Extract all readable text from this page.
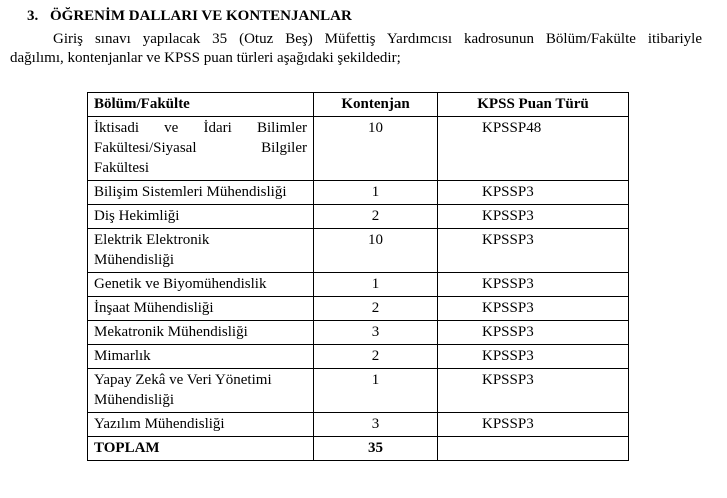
3. ÖĞRENİM DALLARI VE KONTENJANLAR
Giriş sınavı yapılacak 35 (Otuz Beş) Müfettiş Yardımcısı kadrosunun Bölüm/Fakülte itibariyle
dağılımı, kontenjanlar ve KPSS puan türleri aşağıdaki şekildedir;
Bölüm/Fakülte	Kontenjan	KPSS Puan Türü

İktisadi ve İdari Bilimler
Fakültesi/Siyasal Bilgiler
Fakültesi	10	KPSSP48
Bilişim Sistemleri Mühendisliği	1	KPSSP3
Diş Hekimliği	2	KPSSP3

Elektrik Elektronik
Mühendisliği	10	KPSSP3
Genetik ve Biyomühendislik	1	KPSSP3
İnşaat Mühendisliği	2	KPSSP3
Mekatronik Mühendisliği	3	KPSSP3
Mimarlık	2	KPSSP3

Yapay Zekâ ve Veri Yönetimi
Mühendisliği	1	KPSSP3
Yazılım Mühendisliği	3	KPSSP3
TOPLAM	35	
